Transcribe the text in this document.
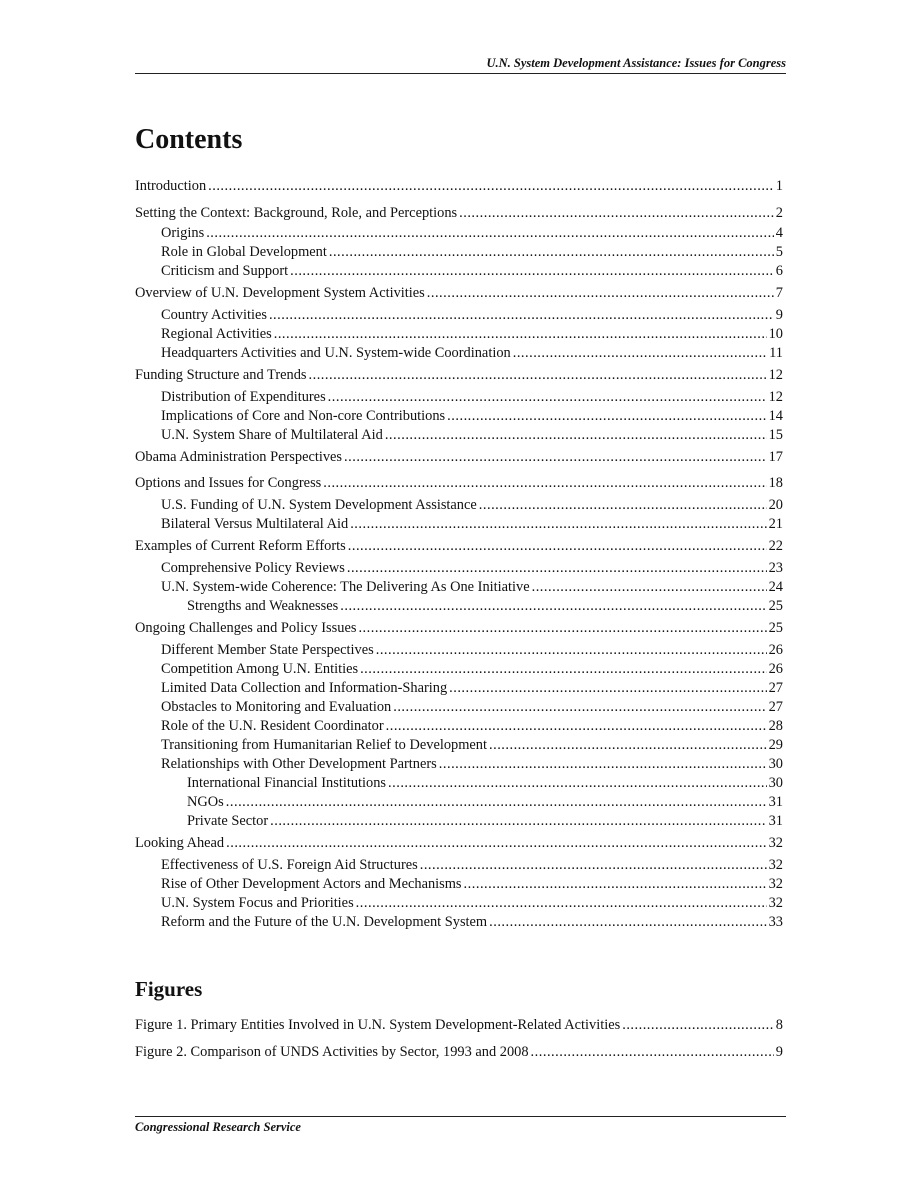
U.N. System Development Assistance: Issues for Congress
Contents
Introduction .....	1
Setting the Context: Background, Role, and Perceptions .....	2
Origins .....	4
Role in Global Development .....	5
Criticism and Support .....	6
Overview of U.N. Development System Activities .....	7
Country Activities .....	9
Regional Activities .....	10
Headquarters Activities and U.N. System-wide Coordination .....	11
Funding Structure and Trends .....	12
Distribution of Expenditures .....	12
Implications of Core and Non-core Contributions .....	14
U.N. System Share of Multilateral Aid .....	15
Obama Administration Perspectives .....	17
Options and Issues for Congress .....	18
U.S. Funding of U.N. System Development Assistance .....	20
Bilateral Versus Multilateral Aid .....	21
Examples of Current Reform Efforts .....	22
Comprehensive Policy Reviews .....	23
U.N. System-wide Coherence: The Delivering As One Initiative .....	24
Strengths and Weaknesses .....	25
Ongoing Challenges and Policy Issues .....	25
Different Member State Perspectives .....	26
Competition Among U.N. Entities .....	26
Limited Data Collection and Information-Sharing .....	27
Obstacles to Monitoring and Evaluation .....	27
Role of the U.N. Resident Coordinator .....	28
Transitioning from Humanitarian Relief to Development .....	29
Relationships with Other Development Partners .....	30
International Financial Institutions .....	30
NGOs .....	31
Private Sector .....	31
Looking Ahead .....	32
Effectiveness of U.S. Foreign Aid Structures .....	32
Rise of Other Development Actors and Mechanisms .....	32
U.N. System Focus and Priorities .....	32
Reform and the Future of the U.N. Development System .....	33
Figures
Figure 1. Primary Entities Involved in U.N. System Development-Related Activities .....	8
Figure 2. Comparison of UNDS Activities by Sector, 1993 and 2008 .....	9
Congressional Research Service
